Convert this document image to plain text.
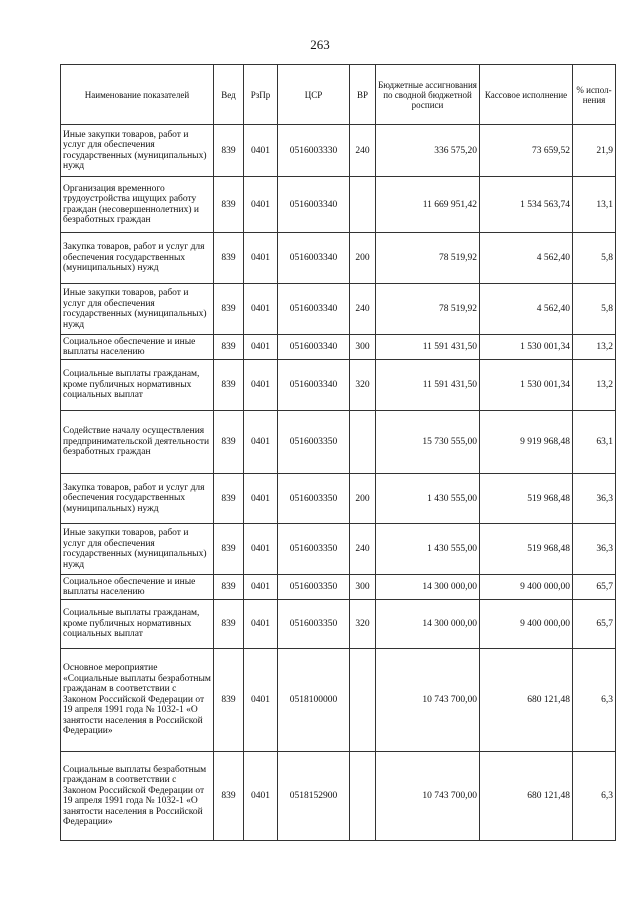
263
Наименование показателей	Вед	РзПр	ЦСР	ВР	Бюджетные ассигнования по сводной бюджетной росписи	Кассовое исполнение	% испол-нения
Иные закупки товаров, работ и услуг для обеспечения государственных (муниципальных) нужд	839	0401	0516003330	240	336 575,20	73 659,52	21,9
Организация временного трудоустройства ищущих работу граждан (несовершеннолетних) и безработных граждан	839	0401	0516003340		11 669 951,42	1 534 563,74	13,1
Закупка товаров, работ и услуг для обеспечения государственных (муниципальных) нужд	839	0401	0516003340	200	78 519,92	4 562,40	5,8
Иные закупки товаров, работ и услуг для обеспечения государственных (муниципальных) нужд	839	0401	0516003340	240	78 519,92	4 562,40	5,8
Социальное обеспечение и иные выплаты населению	839	0401	0516003340	300	11 591 431,50	1 530 001,34	13,2
Социальные выплаты гражданам, кроме публичных нормативных социальных выплат	839	0401	0516003340	320	11 591 431,50	1 530 001,34	13,2
Содействие началу осуществления предпринимательской деятельности безработных граждан	839	0401	0516003350		15 730 555,00	9 919 968,48	63,1
Закупка товаров, работ и услуг для обеспечения государственных (муниципальных) нужд	839	0401	0516003350	200	1 430 555,00	519 968,48	36,3
Иные закупки товаров, работ и услуг для обеспечения государственных (муниципальных) нужд	839	0401	0516003350	240	1 430 555,00	519 968,48	36,3
Социальное обеспечение и иные выплаты населению	839	0401	0516003350	300	14 300 000,00	9 400 000,00	65,7
Социальные выплаты гражданам, кроме публичных нормативных социальных выплат	839	0401	0516003350	320	14 300 000,00	9 400 000,00	65,7
Основное мероприятие «Социальные выплаты безработным гражданам в соответствии с Законом Российской Федерации от 19 апреля 1991 года № 1032-1 «О занятости населения в Российской Федерации»	839	0401	0518100000		10 743 700,00	680 121,48	6,3
Социальные выплаты безработным гражданам в соответствии с Законом Российской Федерации от 19 апреля 1991 года № 1032-1 «О занятости населения в Российской Федерации»	839	0401	0518152900		10 743 700,00	680 121,48	6,3
